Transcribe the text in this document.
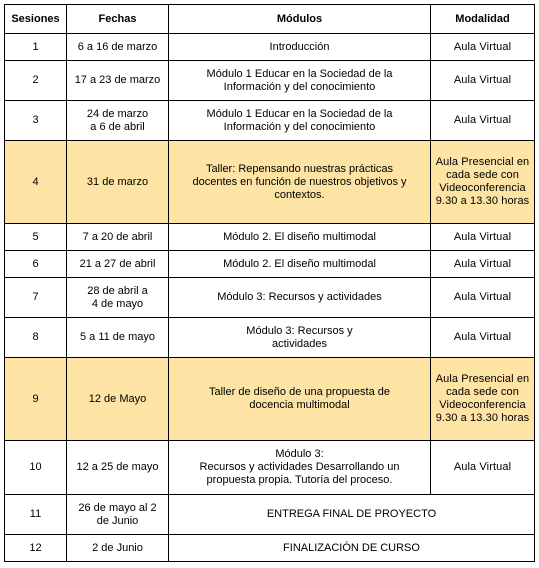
Sesiones	Fechas	Módulos	Modalidad
1	6 a 16 de marzo	Introducción	Aula Virtual
2	17 a 23 de marzo	Módulo 1 Educar en la Sociedad de la
Información y del conocimiento	Aula Virtual
3	24 de marzo
a 6 de abril	Módulo 1 Educar en la Sociedad de la
Información y del conocimiento	Aula Virtual
4	31 de marzo	Taller: Repensando nuestras prácticas
docentes en función de nuestros objetivos y
contextos.	Aula Presencial en
cada sede con
Videoconferencia
9.30 a 13.30 horas
5	7 a 20 de abril	Módulo 2. El diseño multimodal	Aula Virtual
6	21 a 27 de abril	Módulo 2. El diseño multimodal	Aula Virtual
7	28 de abril a
4 de mayo	Módulo 3: Recursos y actividades	Aula Virtual
8	5 a 11 de mayo	Módulo 3: Recursos y
actividades	Aula Virtual
9	12 de Mayo	Taller de diseño de una propuesta de
docencia multimodal	Aula Presencial en
cada sede con
Videoconferencia
9.30 a 13.30 horas
10	12 a 25 de mayo	Módulo 3:
Recursos y actividades Desarrollando un
propuesta propia. Tutoría del proceso.	Aula Virtual
11	26 de mayo al 2
de Junio	ENTREGA FINAL DE PROYECTO	
12	2 de Junio	FINALIZACIÓN DE CURSO	
